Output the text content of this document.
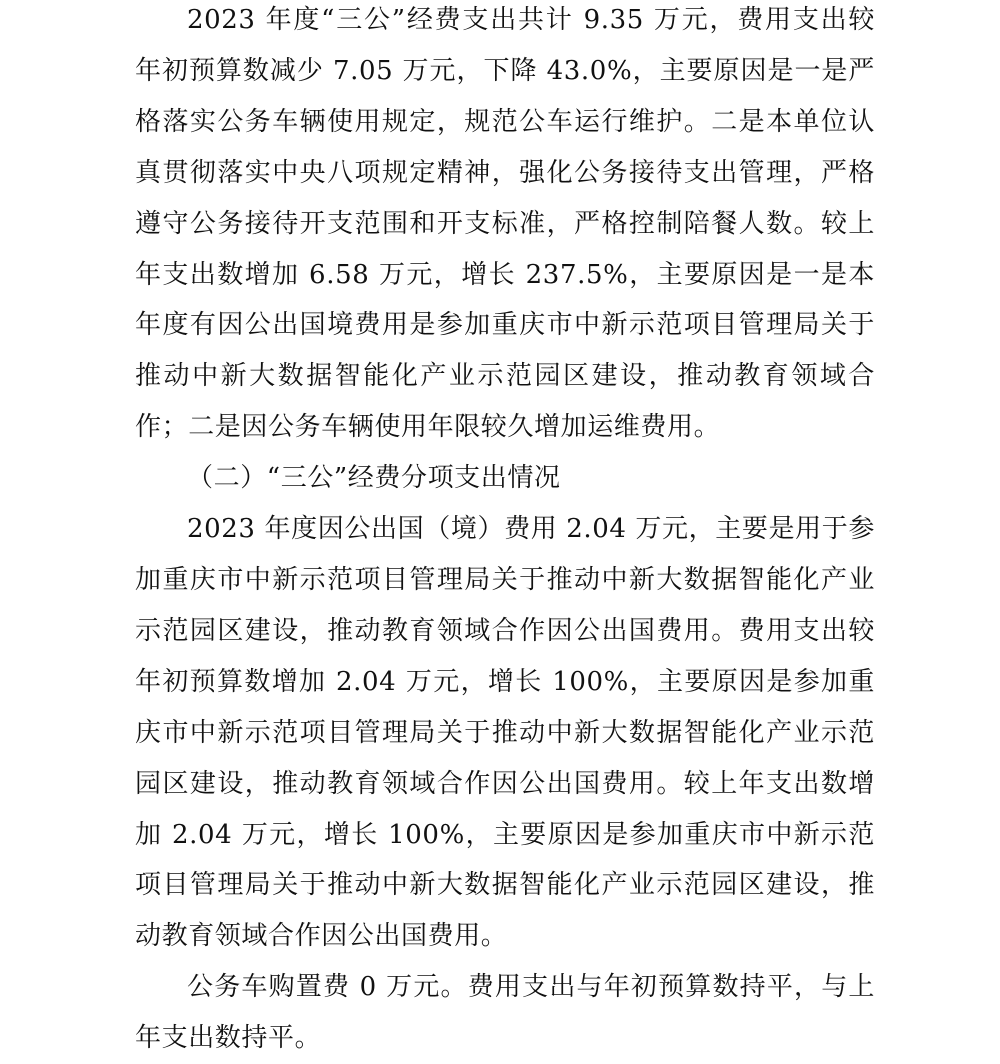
2023 年度“三公”经费支出共计 9.35 万元，费用支出较年初预算数减少 7.05 万元，下降 43.0%，主要原因是一是严格落实公务车辆使用规定，规范公车运行维护。二是本单位认真贯彻落实中央八项规定精神，强化公务接待支出管理，严格遵守公务接待开支范围和开支标准，严格控制陪餐人数。较上年支出数增加 6.58 万元，增长 237.5%，主要原因是一是本年度有因公出国境费用是参加重庆市中新示范项目管理局关于推动中新大数据智能化产业示范园区建设，推动教育领域合作；二是因公务车辆使用年限较久增加运维费用。

（二）“三公”经费分项支出情况

2023 年度因公出国（境）费用 2.04 万元，主要是用于参加重庆市中新示范项目管理局关于推动中新大数据智能化产业示范园区建设，推动教育领域合作因公出国费用。费用支出较年初预算数增加 2.04 万元，增长 100%，主要原因是参加重庆市中新示范项目管理局关于推动中新大数据智能化产业示范园区建设，推动教育领域合作因公出国费用。较上年支出数增加 2.04 万元，增长 100%，主要原因是参加重庆市中新示范项目管理局关于推动中新大数据智能化产业示范园区建设，推动教育领域合作因公出国费用。

公务车购置费 0 万元。费用支出与年初预算数持平，与上年支出数持平。
